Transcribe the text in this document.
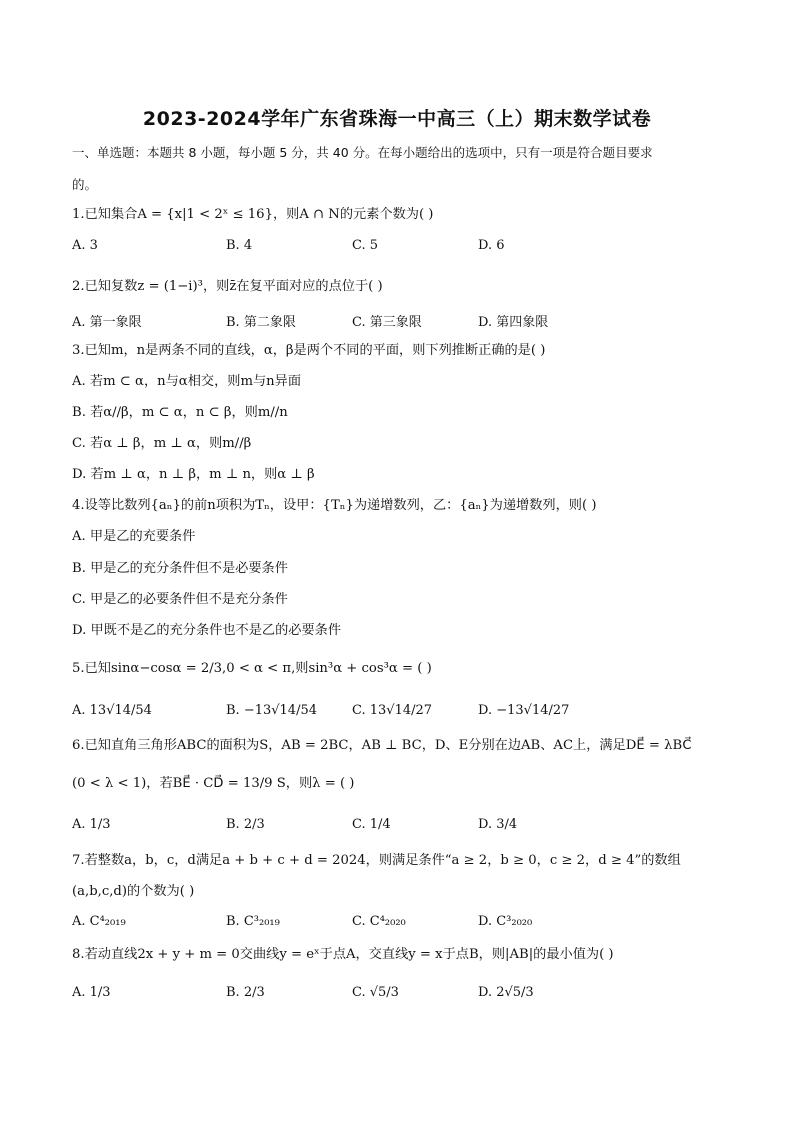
2023-2024学年广东省珠海一中高三（上）期末数学试卷
一、单选题：本题共 8 小题，每小题 5 分，共 40 分。在每小题给出的选项中，只有一项是符合题目要求
的。
1.已知集合A = {x|1 < 2ˣ ≤ 16}，则A ∩ N的元素个数为( )
A. 3	B. 4	C. 5	D. 6
2.已知复数z = (1−i)³，则z̄在复平面对应的点位于( )
A. 第一象限	B. 第二象限	C. 第三象限	D. 第四象限
3.已知m，n是两条不同的直线，α，β是两个不同的平面，则下列推断正确的是( )
A. 若m ⊂ α，n与α相交，则m与n异面
B. 若α//β，m ⊂ α，n ⊂ β，则m//n
C. 若α ⊥ β，m ⊥ α，则m//β
D. 若m ⊥ α，n ⊥ β，m ⊥ n，则α ⊥ β
4.设等比数列{aₙ}的前n项积为Tₙ，设甲：{Tₙ}为递增数列，乙：{aₙ}为递增数列，则( )
A. 甲是乙的充要条件
B. 甲是乙的充分条件但不是必要条件
C. 甲是乙的必要条件但不是充分条件
D. 甲既不是乙的充分条件也不是乙的必要条件
5.已知sinα−cosα = 2/3,0 < α < π,则sin³α + cos³α = ( )
A. 13√14/54	B. −13√14/54	C. 13√14/27	D. −13√14/27
6.已知直角三角形ABC的面积为S，AB = 2BC，AB ⊥ BC，D、E分别在边AB、AC上，满足DE⃗ = λBC⃗
(0 < λ < 1)，若BE⃗ · CD⃗ = 13/9 S，则λ = ( )
A. 1/3	B. 2/3	C. 1/4	D. 3/4
7.若整数a，b，c，d满足a + b + c + d = 2024，则满足条件“a ≥ 2，b ≥ 0，c ≥ 2，d ≥ 4”的数组
(a,b,c,d)的个数为( )
A. C⁴₂₀₁₉	B. C³₂₀₁₉	C. C⁴₂₀₂₀	D. C³₂₀₂₀
8.若动直线2x + y + m = 0交曲线y = eˣ于点A，交直线y = x于点B，则|AB|的最小值为( )
A. 1/3	B. 2/3	C. √5/3	D. 2√5/3
